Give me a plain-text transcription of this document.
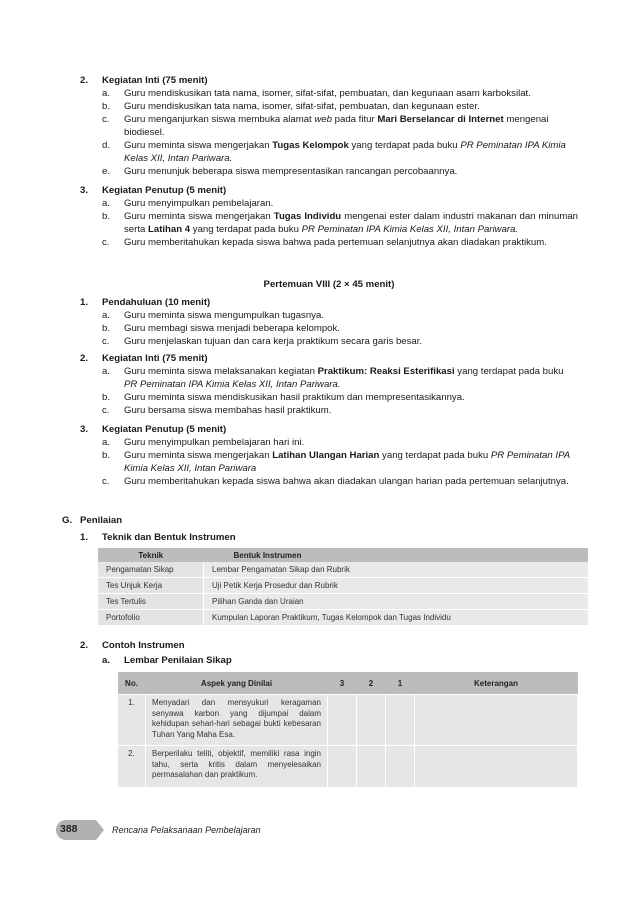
2.	Kegiatan Inti (75 menit)
a. Guru mendiskusikan tata nama, isomer, sifat-sifat, pembuatan, dan kegunaan asam karboksilat.
b. Guru mendiskusikan tata nama, isomer, sifat-sifat, pembuatan, dan kegunaan ester.
c. Guru menganjurkan siswa membuka alamat web pada fitur Mari Berselancar di Internet mengenai biodiesel.
d. Guru meminta siswa mengerjakan Tugas Kelompok yang terdapat pada buku PR Peminatan IPA Kimia Kelas XII, Intan Pariwara.
e. Guru menunjuk beberapa siswa mempresentasikan rancangan percobaannya.
3.	Kegiatan Penutup (5 menit)
a. Guru menyimpulkan pembelajaran.
b. Guru meminta siswa mengerjakan Tugas Individu mengenai ester dalam industri makanan dan minuman serta Latihan 4 yang terdapat pada buku PR Peminatan IPA Kimia Kelas XII, Intan Pariwara.
c. Guru memberitahukan kepada siswa bahwa pada pertemuan selanjutnya akan diadakan praktikum.
Pertemuan VIII (2 × 45 menit)
1.	Pendahuluan (10 menit)
a. Guru meminta siswa mengumpulkan tugasnya.
b. Guru membagi siswa menjadi beberapa kelompok.
c. Guru menjelaskan tujuan dan cara kerja praktikum secara garis besar.
2.	Kegiatan Inti (75 menit)
a. Guru meminta siswa melaksanakan kegiatan Praktikum: Reaksi Esterifikasi yang terdapat pada buku PR Peminatan IPA Kimia Kelas XII, Intan Pariwara.
b. Guru meminta siswa mendiskusikan hasil praktikum dan mempresentasikannya.
c. Guru bersama siswa membahas hasil praktikum.
3.	Kegiatan Penutup (5 menit)
a. Guru menyimpulkan pembelajaran hari ini.
b. Guru meminta siswa mengerjakan Latihan Ulangan Harian yang terdapat pada buku PR Peminatan IPA Kimia Kelas XII, Intan Pariwara
c. Guru memberitahukan kepada siswa bahwa akan diadakan ulangan harian pada pertemuan selanjutnya.
G. Penilaian
1. Teknik dan Bentuk Instrumen
Teknik	Bentuk Instrumen
Pengamatan Sikap	Lembar Pengamatan Sikap dan Rubrik
Tes Unjuk Kerja	Uji Petik Kerja Prosedur dan Rubrik
Tes Tertulis	Pilihan Ganda dan Uraian
Portofolio	Kumpulan Laporan Praktikum, Tugas Kelompok dan Tugas Individu
2. Contoh Instrumen
a. Lembar Penilaian Sikap
No.	Aspek yang Dinilai	3	2	1	Keterangan
1.	Menyadari dan mensyukuri keragaman senyawa karbon yang dijumpai dalam kehidupan sehari-hari sebagai bukti kebesaran Tuhan Yang Maha Esa.				
2.	Berperilaku teliti, objektif, memiliki rasa ingin tahu, serta kritis dalam menyelesaikan permasalahan dan praktikum.				
388	Rencana Pelaksanaan Pembelajaran
